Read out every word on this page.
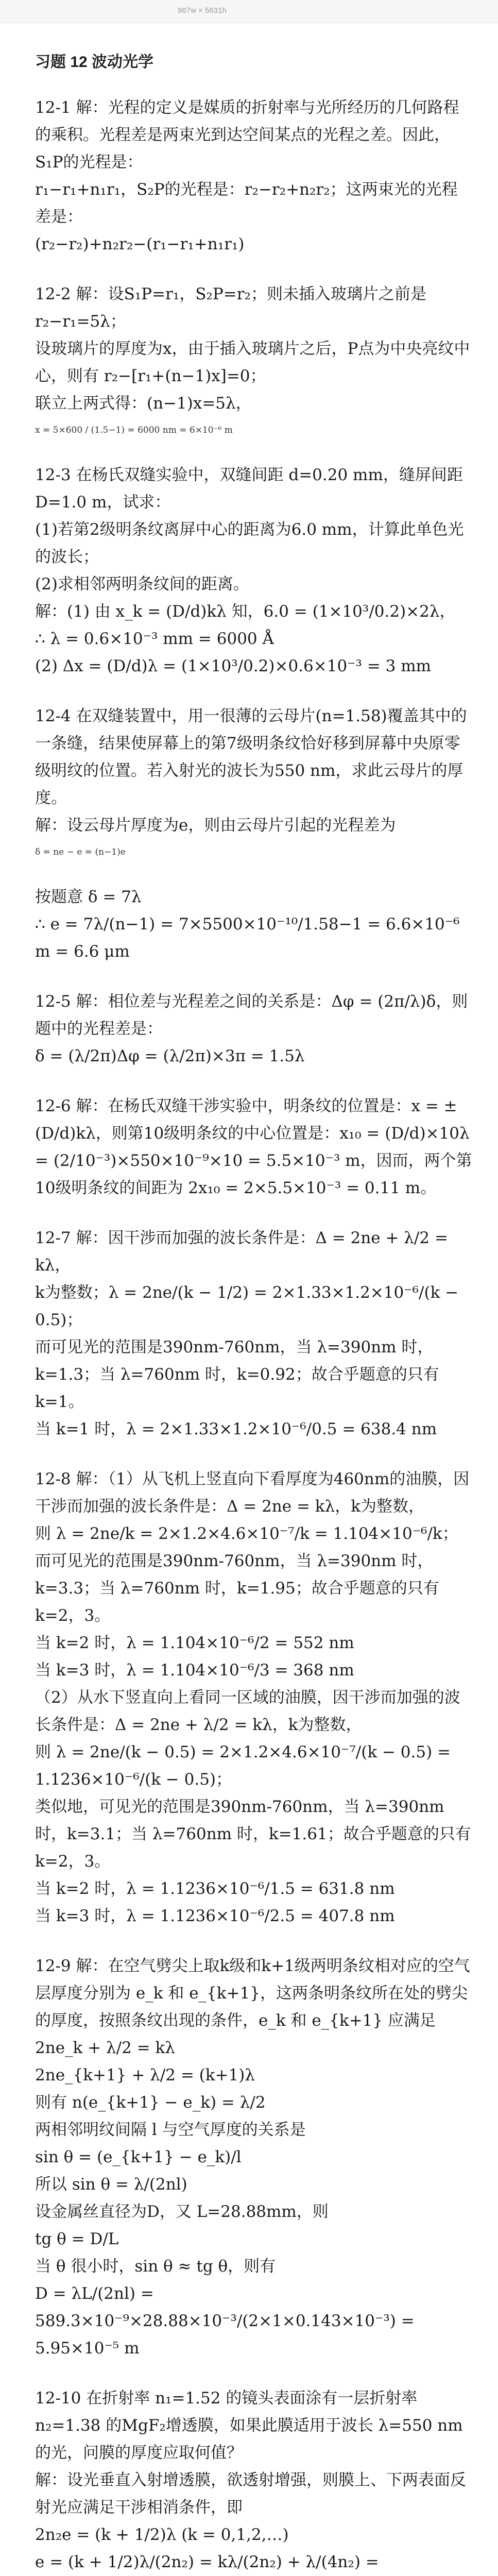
967w × 5631h
习题 12 波动光学

12-1 解：光程的定义是媒质的折射率与光所经历的几何路程的乘积。光程差是两束光到达空间某点的光程之差。因此，S₁P的光程是：

r₁−r₁+n₁r₁，S₂P的光程是：r₂−r₂+n₂r₂；这两束光的光程差是：

(r₂−r₂)+n₂r₂−(r₁−r₁+n₁r₁)

12-2 解：设S₁P=r₁，S₂P=r₂；则未插入玻璃片之前是 r₂−r₁=5λ；

设玻璃片的厚度为x，由于插入玻璃片之后，P点为中央亮纹中心，则有 r₂−[r₁+(n−1)x]=0；

联立上两式得：(n−1)x=5λ，

x = 5×600 / (1.5−1) = 6000 nm = 6×10⁻⁶ m

12-3 在杨氏双缝实验中，双缝间距 d=0.20 mm，缝屏间距 D=1.0 m，试求：

(1)若第2级明条纹离屏中心的距离为6.0 mm，计算此单色光的波长；

(2)求相邻两明条纹间的距离。

解：(1) 由 x_k = (D/d)kλ 知，6.0 = (1×10³/0.2)×2λ，

∴ λ = 0.6×10⁻³ mm = 6000 Å

(2) Δx = (D/d)λ = (1×10³/0.2)×0.6×10⁻³ = 3 mm

12-4 在双缝装置中，用一很薄的云母片(n=1.58)覆盖其中的一条缝，结果使屏幕上的第7级明条纹恰好移到屏幕中央原零级明纹的位置。若入射光的波长为550 nm，求此云母片的厚度。

解：设云母片厚度为e，则由云母片引起的光程差为

δ = ne − e = (n−1)e

按题意 δ = 7λ

∴ e = 7λ/(n−1) = 7×5500×10⁻¹⁰/1.58−1 = 6.6×10⁻⁶ m = 6.6 μm

12-5 解：相位差与光程差之间的关系是：Δφ = (2π/λ)δ，则题中的光程差是：

δ = (λ/2π)Δφ = (λ/2π)×3π = 1.5λ

12-6 解：在杨氏双缝干涉实验中，明条纹的位置是：x = ±(D/d)kλ，则第10级明条纹的中心位置是：x₁₀ = (D/d)×10λ = (2/10⁻³)×550×10⁻⁹×10 = 5.5×10⁻³ m，因而，两个第10级明条纹的间距为 2x₁₀ = 2×5.5×10⁻³ = 0.11 m。

12-7 解：因干涉而加强的波长条件是：Δ = 2ne + λ/2 = kλ，

k为整数；λ = 2ne/(k − 1/2) = 2×1.33×1.2×10⁻⁶/(k − 0.5)；

而可见光的范围是390nm-760nm，当 λ=390nm 时，k=1.3；当 λ=760nm 时，k=0.92；故合乎题意的只有 k=1。

当 k=1 时，λ = 2×1.33×1.2×10⁻⁶/0.5 = 638.4 nm

12-8 解：（1）从飞机上竖直向下看厚度为460nm的油膜，因干涉而加强的波长条件是：Δ = 2ne = kλ，k为整数，

则 λ = 2ne/k = 2×1.2×4.6×10⁻⁷/k = 1.104×10⁻⁶/k；

而可见光的范围是390nm-760nm，当 λ=390nm 时，k=3.3；当 λ=760nm 时，k=1.95；故合乎题意的只有 k=2，3。

当 k=2 时，λ = 1.104×10⁻⁶/2 = 552 nm

当 k=3 时，λ = 1.104×10⁻⁶/3 = 368 nm

（2）从水下竖直向上看同一区域的油膜，因干涉而加强的波长条件是：Δ = 2ne + λ/2 = kλ，k为整数，

则 λ = 2ne/(k − 0.5) = 2×1.2×4.6×10⁻⁷/(k − 0.5) = 1.1236×10⁻⁶/(k − 0.5)；

类似地，可见光的范围是390nm-760nm，当 λ=390nm 时，k=3.1；当 λ=760nm 时，k=1.61；故合乎题意的只有 k=2，3。

当 k=2 时，λ = 1.1236×10⁻⁶/1.5 = 631.8 nm

当 k=3 时，λ = 1.1236×10⁻⁶/2.5 = 407.8 nm

12-9 解：在空气劈尖上取k级和k+1级两明条纹相对应的空气层厚度分别为 e_k 和 e_{k+1}，这两条明条纹所在处的劈尖的厚度，按照条纹出现的条件，e_k 和 e_{k+1} 应满足

2ne_k + λ/2 = kλ

2ne_{k+1} + λ/2 = (k+1)λ

则有 n(e_{k+1} − e_k) = λ/2

两相邻明纹间隔 l 与空气厚度的关系是

sin θ = (e_{k+1} − e_k)/l

所以 sin θ = λ/(2nl)

设金属丝直径为D，又 L=28.88mm，则

tg θ = D/L

当 θ 很小时，sin θ ≈ tg θ，则有

D = λL/(2nl) = 589.3×10⁻⁹×28.88×10⁻³/(2×1×0.143×10⁻³) = 5.95×10⁻⁵ m

12-10 在折射率 n₁=1.52 的镜头表面涂有一层折射率 n₂=1.38 的MgF₂增透膜，如果此膜适用于波长 λ=550 nm 的光，问膜的厚度应取何值？

解：设光垂直入射增透膜，欲透射增强，则膜上、下两表面反射光应满足干涉相消条件，即

2n₂e = (k + 1/2)λ (k = 0,1,2,…)

e = (k + 1/2)λ/(2n₂) = kλ/(2n₂) + λ/(4n₂) =
